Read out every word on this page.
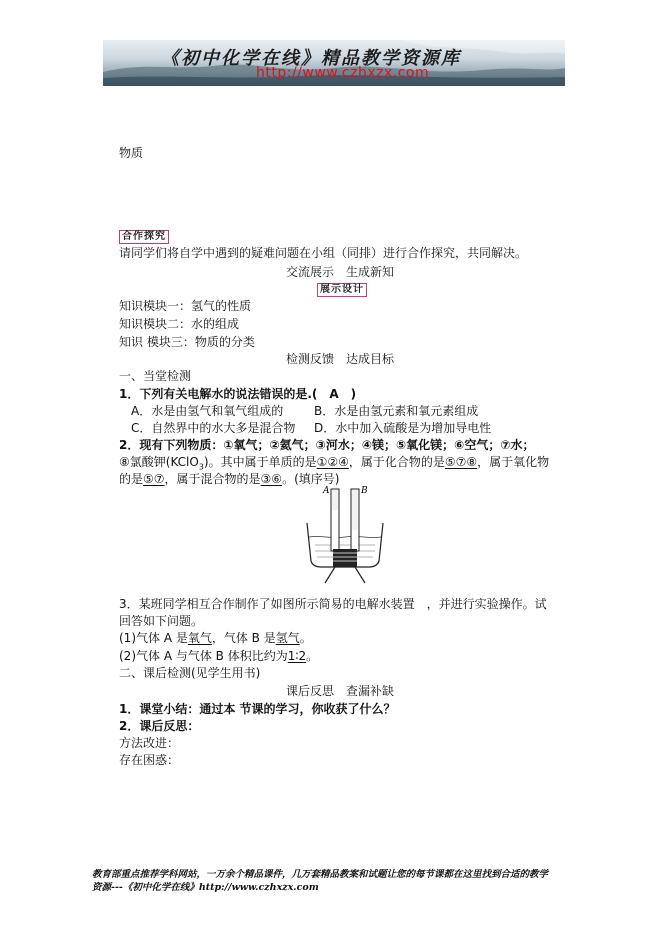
《初中化学在线》精品教学资源库
http://www.czhxzx.com
物质
合作探究
请同学们将自学中遇到的疑难问题在小组（同排）进行合作探究，共同解决。
交流展示　生成新知
展示设计
知识模块一：氢气的性质
知识模块二：水的组成
知识 模块三：物质的分类
检测反馈　达成目标
一、当堂检测
1．下列有关电解水的说法错误的是.(　A　)
A．水是由氢气和氧气组成的	B．水是由氢元素和氧元素组成
C．自然界中的水大多是混合物 D．水中加入硫酸是为增加导电性
2．现有下列物质：①氧气；②氦气；③河水；④镁；⑤氧化镁；⑥空气；⑦水；
⑧氯酸钾(KClO$_3$)。其中属于单质的是①②④，属于化合物的是⑤⑦⑧，属于氧化物
的是⑤⑦，属于混合物的是③⑥。(填序号)
A	B
3．某班同学相互合作制作了如图所示简易的电解水装置　，并进行实验操作。试
回答如下问题。
(1)气体 A 是氧气，气体 B 是氢气。
(2)气体 A 与气体 B 体积比约为1∶2。
二、课后检测(见学生用书)
课后反思　查漏补缺
1．课堂小结：通过本 节课的学习，你收获了什么？
2．课后反思：
方法改进：
存在困惑：
教育部重点推荐学科网站，一万余个精品课件，几万套精品教案和试题让您的每节课都在这里找到合适的教学
资源---《初中化学在线》http://www.czhxzx.com
